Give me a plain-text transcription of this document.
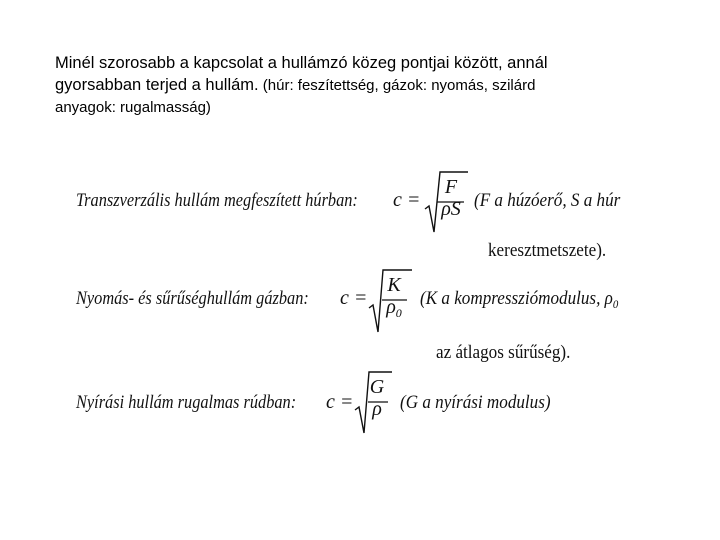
Minél szorosabb a kapcsolat a hullámzó közeg pontjai között, annál
gyorsabban terjed a hullám. (húr: feszítettség, gázok: nyomás, szilárd
anyagok: rugalmasság)
Transzverzális hullám megfeszített húrban:	c =
F
ρS (F a húzóerő, S a húr
keresztmetszete).
Nyomás- és sűrűséghullám gázban:	c =
K
$\rho_0$
(K a kompressziómodulus, $\rho_0$
az átlagos sűrűség).
Nyírási hullám rugalmas rúdban:	c =
G
ρ (G a nyírási modulus)
